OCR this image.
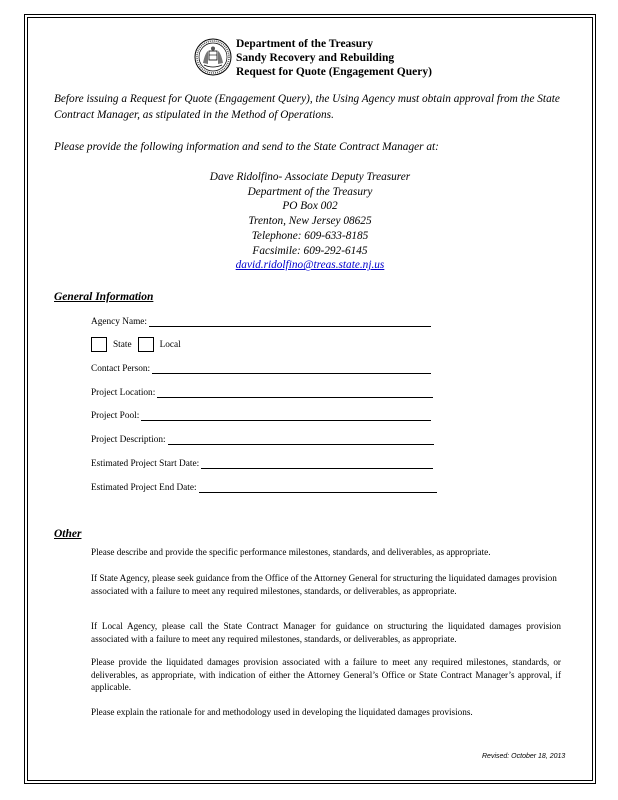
Department of the Treasury
Sandy Recovery and Rebuilding
Request for Quote (Engagement Query)
Before issuing a Request for Quote (Engagement Query), the Using Agency must obtain approval from the State Contract Manager, as stipulated in the Method of Operations.
Please provide the following information and send to the State Contract Manager at:
Dave Ridolfino- Associate Deputy Treasurer
Department of the Treasury
PO Box 002
Trenton, New Jersey 08625
Telephone: 609-633-8185
Facsimile: 609-292-6145
david.ridolfino@treas.state.nj.us
General Information
Agency Name:
State	Local
Contact Person:
Project Location:
Project Pool:
Project Description:
Estimated Project Start Date:
Estimated Project End Date:
Other
Please describe and provide the specific performance milestones, standards, and deliverables, as appropriate.
If State Agency, please seek guidance from the Office of the Attorney General for structuring the liquidated damages provision associated with a failure to meet any required milestones, standards, or deliverables, as appropriate.
If Local Agency, please call the State Contract Manager for guidance on structuring the liquidated damages provision associated with a failure to meet any required milestones, standards, or deliverables, as appropriate.
Please provide the liquidated damages provision associated with a failure to meet any required milestones, standards, or deliverables, as appropriate, with indication of either the Attorney General’s Office or State Contract Manager’s approval, if applicable.
Please explain the rationale for and methodology used in developing the liquidated damages provisions.
Revised: October 18, 2013
